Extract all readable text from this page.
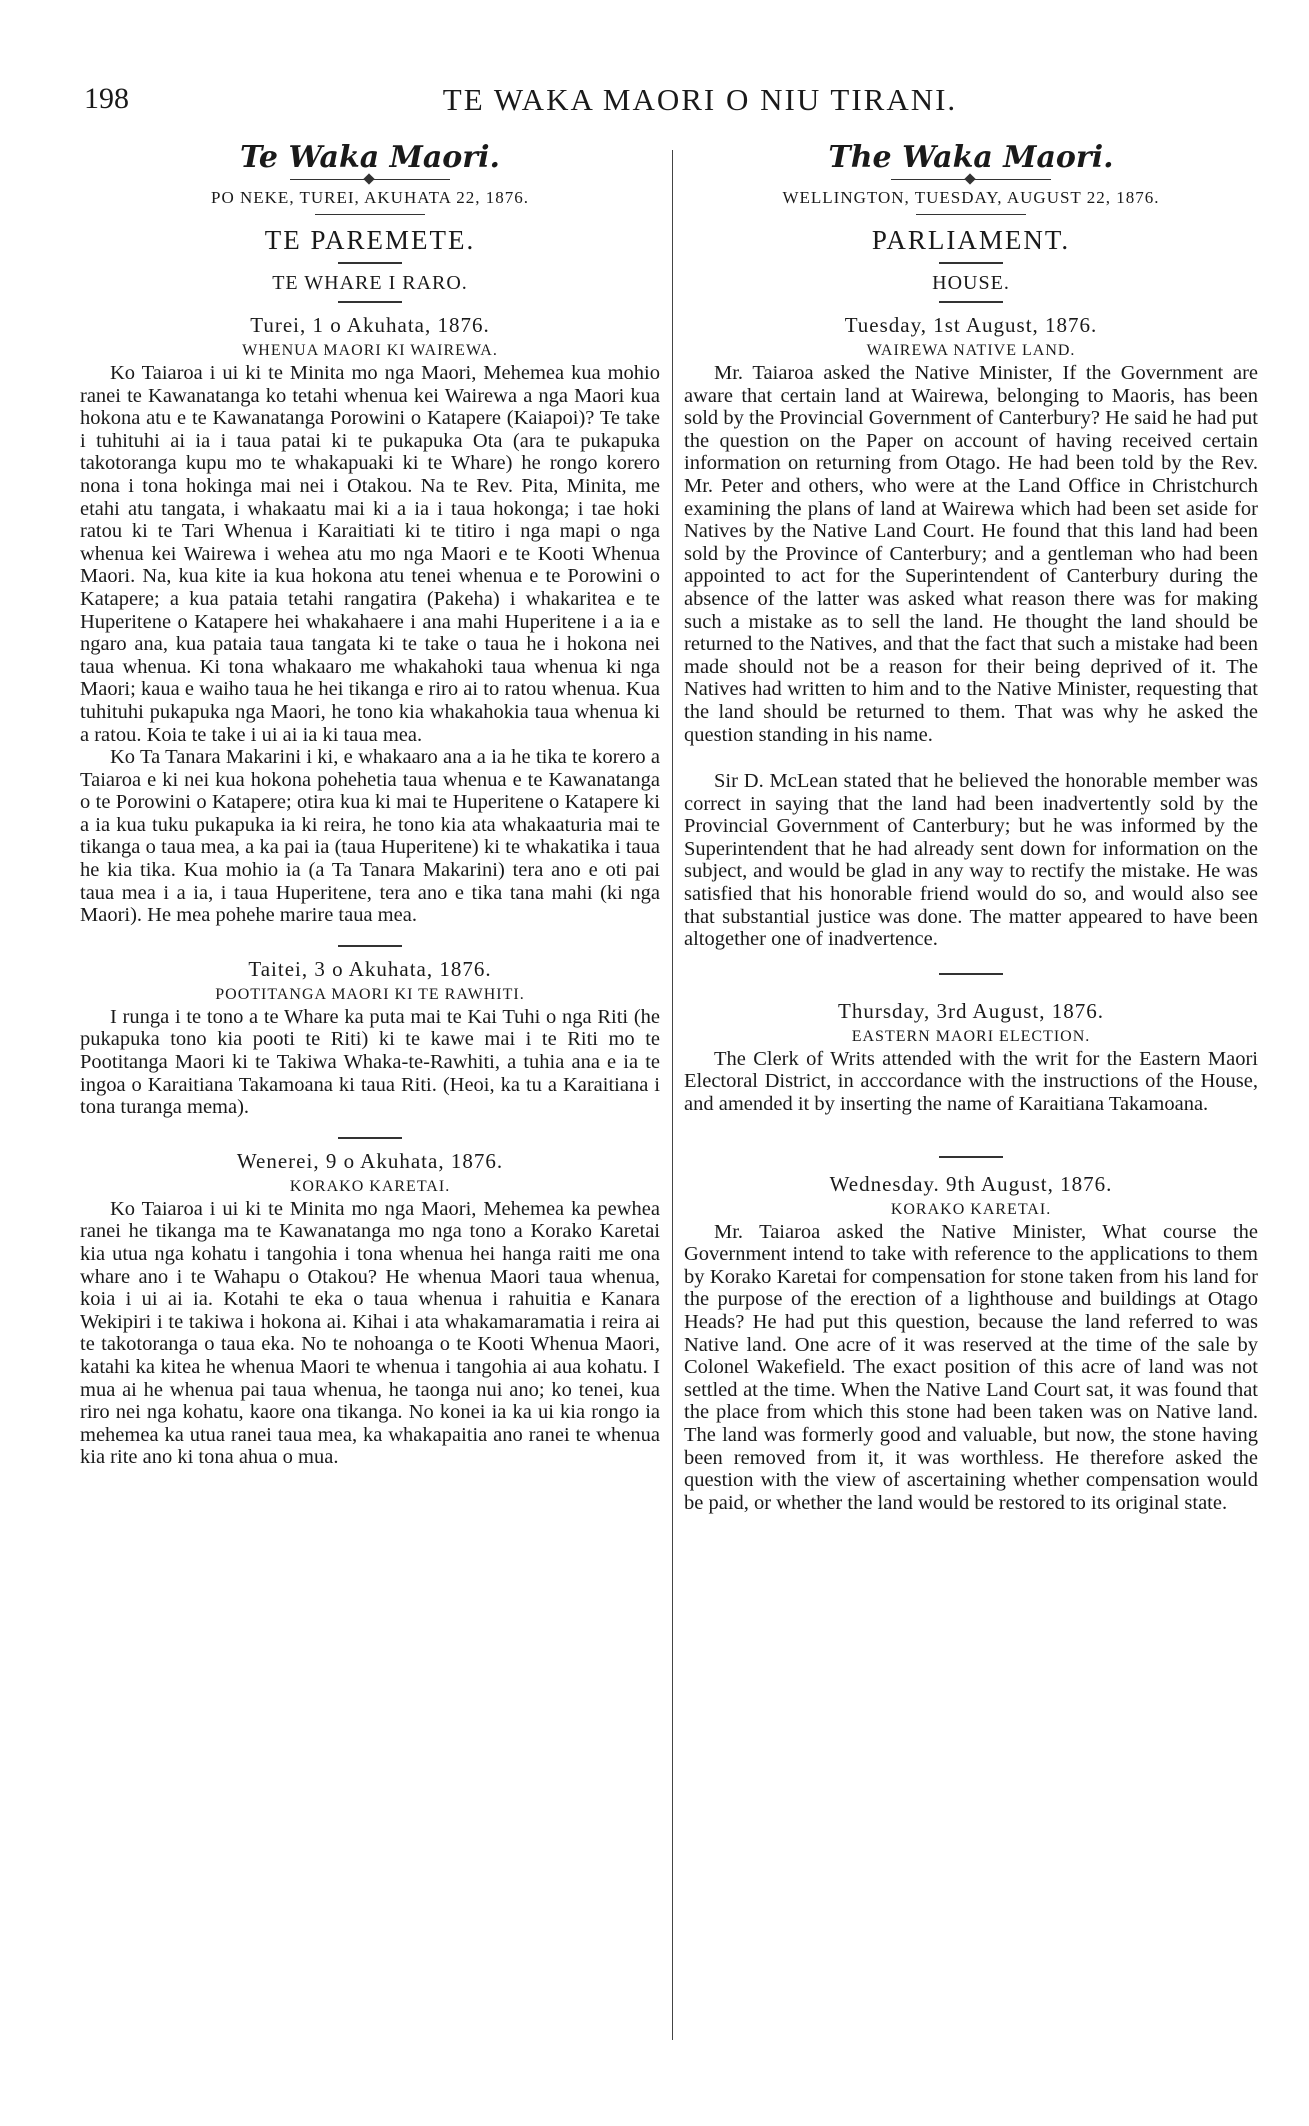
198	TE WAKA MAORI O NIU TIRANI.
Te Waka Maori.
PO NEKE, TUREI, AKUHATA 22, 1876.
TE PAREMETE.
TE WHARE I RARO.
Turei, 1 o Akuhata, 1876.
WHENUA MAORI KI WAIREWA.

Ko Taiaroa i ui ki te Minita mo nga Maori, Mehemea kua mohio ranei te Kawanatanga ko tetahi whenua kei Wairewa a nga Maori kua hokona atu e te Kawanatanga Porowini o Katapere (Kaiapoi)? Te take i tuhituhi ai ia i taua patai ki te pukapuka Ota (ara te pukapuka takotoranga kupu mo te whakapuaki ki te Whare) he rongo korero nona i tona hokinga mai nei i Otakou. Na te Rev. Pita, Minita, me etahi atu tangata, i whakaatu mai ki a ia i taua hokonga; i tae hoki ratou ki te Tari Whenua i Karaitiati ki te titiro i nga mapi o nga whenua kei Wairewa i wehea atu mo nga Maori e te Kooti Whenua Maori. Na, kua kite ia kua hokona atu tenei whenua e te Porowini o Katapere; a kua pataia tetahi rangatira (Pakeha) i whakaritea e te Huperitene o Katapere hei whakahaere i ana mahi Huperitene i a ia e ngaro ana, kua pataia taua tangata ki te take o taua he i hokona nei taua whenua. Ki tona whakaaro me whakahoki taua whenua ki nga Maori; kaua e waiho taua he hei tikanga e riro ai to ratou whenua. Kua tuhituhi pukapuka nga Maori, he tono kia whakahokia taua whenua ki a ratou. Koia te take i ui ai ia ki taua mea.

Ko Ta Tanara Makarini i ki, e whakaaro ana a ia he tika te korero a Taiaroa e ki nei kua hokona pohehetia taua whenua e te Kawanatanga o te Porowini o Katapere; otira kua ki mai te Huperitene o Katapere ki a ia kua tuku pukapuka ia ki reira, he tono kia ata whakaaturia mai te tikanga o taua mea, a ka pai ia (taua Huperitene) ki te whakatika i taua he kia tika. Kua mohio ia (a Ta Tanara Makarini) tera ano e oti pai taua mea i a ia, i taua Huperitene, tera ano e tika tana mahi (ki nga Maori). He mea pohehe marire taua mea.

Taitei, 3 o Akuhata, 1876.
POOTITANGA MAORI KI TE RAWHITI.

I runga i te tono a te Whare ka puta mai te Kai Tuhi o nga Riti (he pukapuka tono kia pooti te Riti) ki te kawe mai i te Riti mo te Pootitanga Maori ki te Takiwa Whaka-te-Rawhiti, a tuhia ana e ia te ingoa o Karaitiana Takamoana ki taua Riti. (Heoi, ka tu a Karaitiana i tona turanga mema).

Wenerei, 9 o Akuhata, 1876.
KORAKO KARETAI.

Ko Taiaroa i ui ki te Minita mo nga Maori, Mehemea ka pewhea ranei he tikanga ma te Kawanatanga mo nga tono a Korako Karetai kia utua nga kohatu i tangohia i tona whenua hei hanga raiti me ona whare ano i te Wahapu o Otakou? He whenua Maori taua whenua, koia i ui ai ia. Kotahi te eka o taua whenua i rahuitia e Kanara Wekipiri i te takiwa i hokona ai. Kihai i ata whakamaramatia i reira ai te takotoranga o taua eka. No te nohoanga o te Kooti Whenua Maori, katahi ka kitea he whenua Maori te whenua i tangohia ai aua kohatu. I mua ai he whenua pai taua whenua, he taonga nui ano; ko tenei, kua riro nei nga kohatu, kaore ona tikanga. No konei ia ka ui kia rongo ia mehemea ka utua ranei taua mea, ka whakapaitia ano ranei te whenua kia rite ano ki tona ahua o mua.

The Waka Maori.
WELLINGTON, TUESDAY, AUGUST 22, 1876.
PARLIAMENT.
HOUSE.
Tuesday, 1st August, 1876.
WAIREWA NATIVE LAND.

Mr. Taiaroa asked the Native Minister, If the Government are aware that certain land at Wairewa, belonging to Maoris, has been sold by the Provincial Government of Canterbury? He said he had put the question on the Paper on account of having received certain information on returning from Otago. He had been told by the Rev. Mr. Peter and others, who were at the Land Office in Christchurch examining the plans of land at Wairewa which had been set aside for Natives by the Native Land Court. He found that this land had been sold by the Province of Canterbury; and a gentleman who had been appointed to act for the Superintendent of Canterbury during the absence of the latter was asked what reason there was for making such a mistake as to sell the land. He thought the land should be returned to the Natives, and that the fact that such a mistake had been made should not be a reason for their being deprived of it. The Natives had written to him and to the Native Minister, requesting that the land should be returned to them. That was why he asked the question standing in his name.

Sir D. McLean stated that he believed the honorable member was correct in saying that the land had been inadvertently sold by the Provincial Government of Canterbury; but he was informed by the Superintendent that he had already sent down for information on the subject, and would be glad in any way to rectify the mistake. He was satisfied that his honorable friend would do so, and would also see that substantial justice was done. The matter appeared to have been altogether one of inadvertence.

Thursday, 3rd August, 1876.
EASTERN MAORI ELECTION.

The Clerk of Writs attended with the writ for the Eastern Maori Electoral District, in acccordance with the instructions of the House, and amended it by inserting the name of Karaitiana Takamoana.

Wednesday. 9th August, 1876.
KORAKO KARETAI.

Mr. Taiaroa asked the Native Minister, What course the Government intend to take with reference to the applications to them by Korako Karetai for compensation for stone taken from his land for the purpose of the erection of a lighthouse and buildings at Otago Heads? He had put this question, because the land referred to was Native land. One acre of it was reserved at the time of the sale by Colonel Wakefield. The exact position of this acre of land was not settled at the time. When the Native Land Court sat, it was found that the place from which this stone had been taken was on Native land. The land was formerly good and valuable, but now, the stone having been removed from it, it was worthless. He therefore asked the question with the view of ascertaining whether compensation would be paid, or whether the land would be restored to its original state.
